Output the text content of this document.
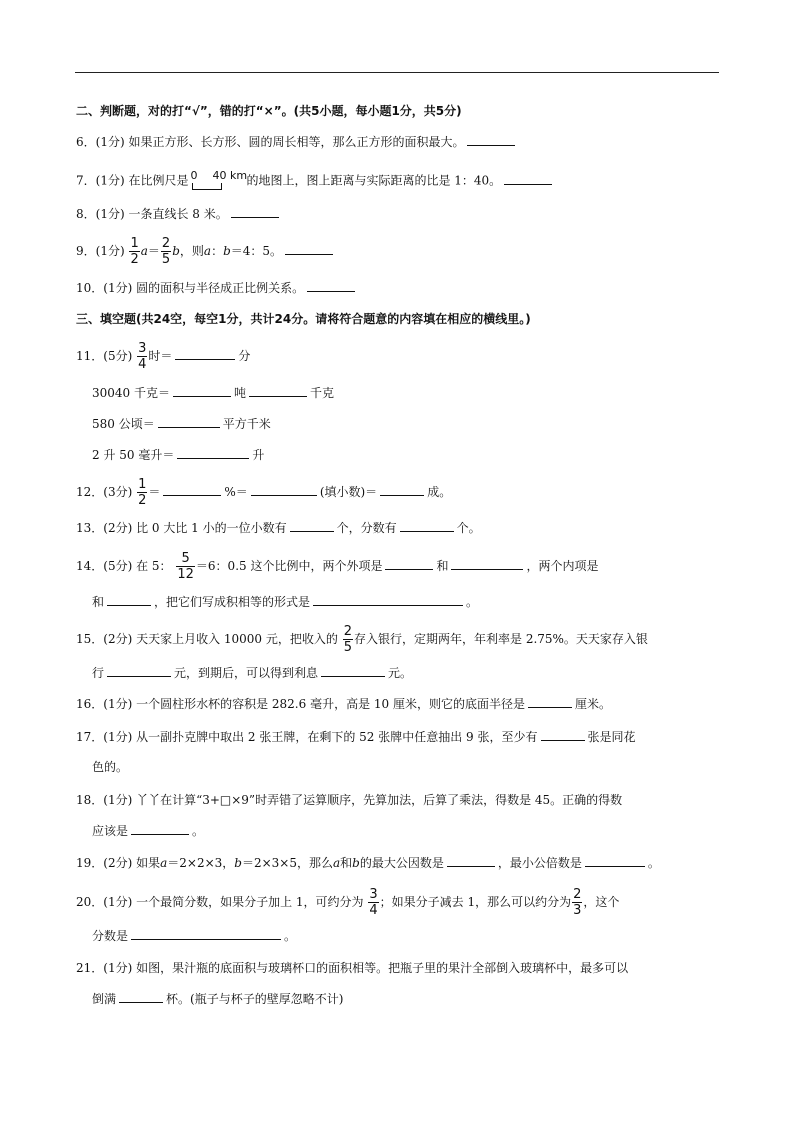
二、判断题，对的打“√”，错的打“×”。(共5小题，每小题1分，共5分)
6．(1分) 如果正方形、长方形、圆的周长相等，那么正方形的面积最大。
7．(1分) 在比例尺是 0 40 km 的地图上，图上距离与实际距离的比是 1：40。
8．(1分) 一条直线长 8 米。
9．(1分) $\frac{1}{2} a= \frac{2}{5}$ b，则a：b＝4：5。
10．(1分) 圆的面积与半径成正比例关系。
三、填空题(共24空，每空1分，共计24分。请将符合题意的内容填在相应的横线里。)
11．(5分) $\frac{3}{4}$ 时＝	分
30040 千克＝	吨	千克
580 公顷＝	平方千米
2 升 50 毫升＝	升
12．(3分) $\frac{1}{2}$ ＝	%＝	(填小数)＝	成。
13．(2分) 比 0 大比 1 小的一位小数有	个，分数有	个。
14．(5分) 在 5： $\frac{5}{12} =6$：0.5 这个比例中，两个外项是	和	，两个内项是
和	，把它们写成积相等的形式是	。
15．(2分) 天天家上月收入 10000 元，把收入的 $\frac{2}{5}$ 存入银行，定期两年，年利率是 2.75%。天天家存入银
行	元，到期后，可以得到利息	元。
16．(1分) 一个圆柱形水杯的容积是 282.6 毫升，高是 10 厘米，则它的底面半径是	厘米。
17．(1分) 从一副扑克牌中取出 2 张王牌，在剩下的 52 张牌中任意抽出 9 张，至少有	张是同花
色的。
18．(1分) 丫丫在计算“3+□×9”时弄错了运算顺序，先算加法，后算了乘法，得数是 45。正确的得数
应该是	。
19．(2分) 如果a＝2×2×3，b＝2×3×5，那么a和b的最大公因数是	，最小公倍数是	。
20．(1分) 一个最简分数，如果分子加上 1，可约分为 $\frac{3}{4}$ ；如果分子减去 1，那么可以约分为 $\frac{2}{3}$ ，这个
分数是	。
21．(1分) 如图，果汁瓶的底面积与玻璃杯口的面积相等。把瓶子里的果汁全部倒入玻璃杯中，最多可以
倒满	杯。(瓶子与杯子的壁厚忽略不计)
